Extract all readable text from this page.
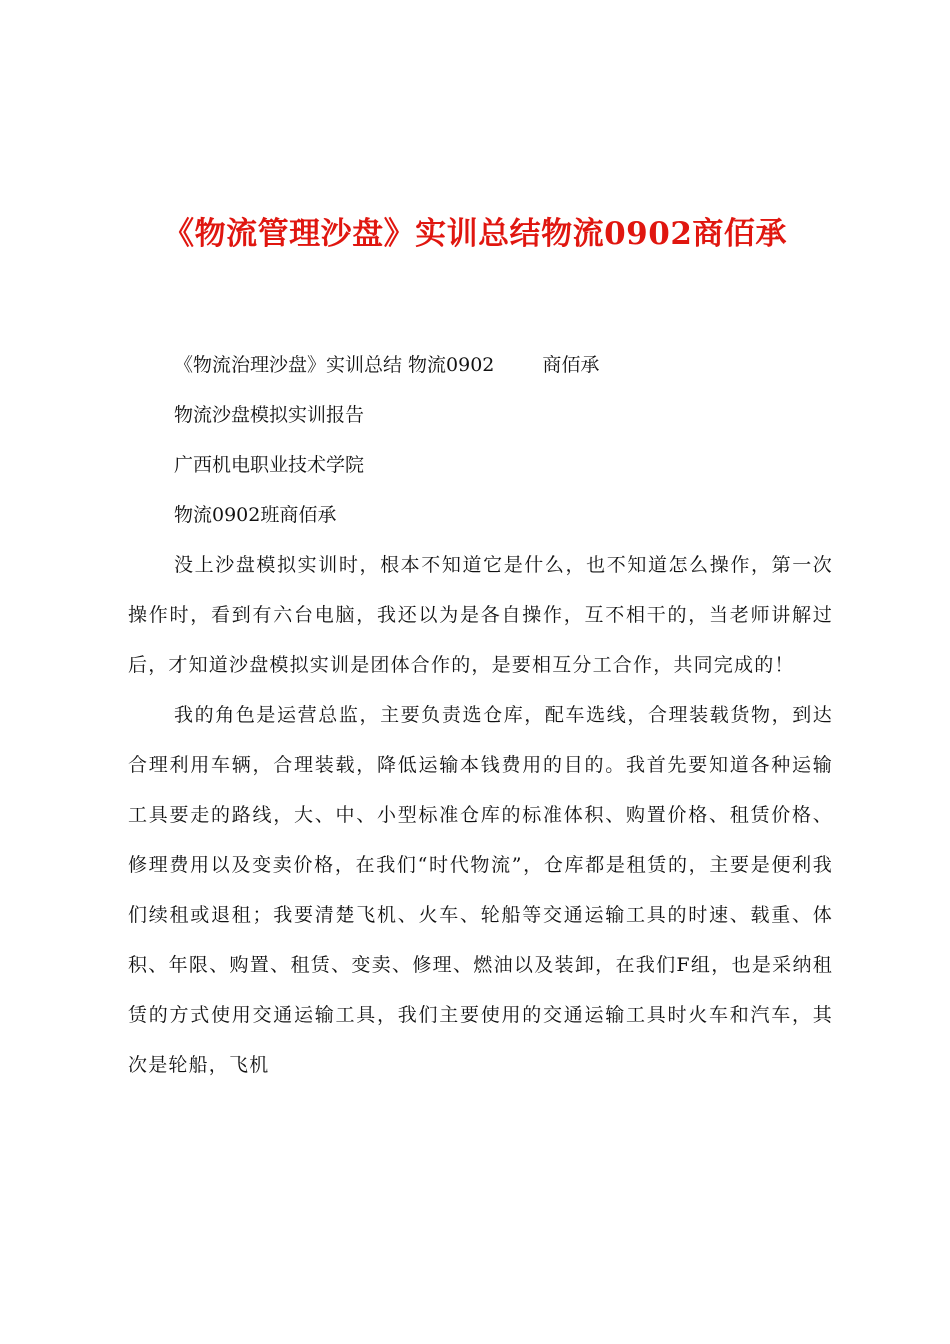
《物流管理沙盘》实训总结物流0902商佰承

《物流治理沙盘》实训总结 物流0902	商佰承

物流沙盘模拟实训报告

广西机电职业技术学院

物流0902班商佰承

没上沙盘模拟实训时，根本不知道它是什么，也不知道怎么操作，第一次操作时，看到有六台电脑，我还以为是各自操作，互不相干的，当老师讲解过后，才知道沙盘模拟实训是团体合作的，是要相互分工合作，共同完成的！

我的角色是运营总监，主要负责选仓库，配车选线，合理装载货物，到达合理利用车辆，合理装载，降低运输本钱费用的目的。我首先要知道各种运输工具要走的路线，大、中、小型标准仓库的标准体积、购置价格、租赁价格、修理费用以及变卖价格，在我们“时代物流”，仓库都是租赁的，主要是便利我们续租或退租；我要清楚飞机、火车、轮船等交通运输工具的时速、载重、体积、年限、购置、租赁、变卖、修理、燃油以及装卸，在我们F组，也是采纳租赁的方式使用交通运输工具，我们主要使用的交通运输工具时火车和汽车，其次是轮船，飞机
